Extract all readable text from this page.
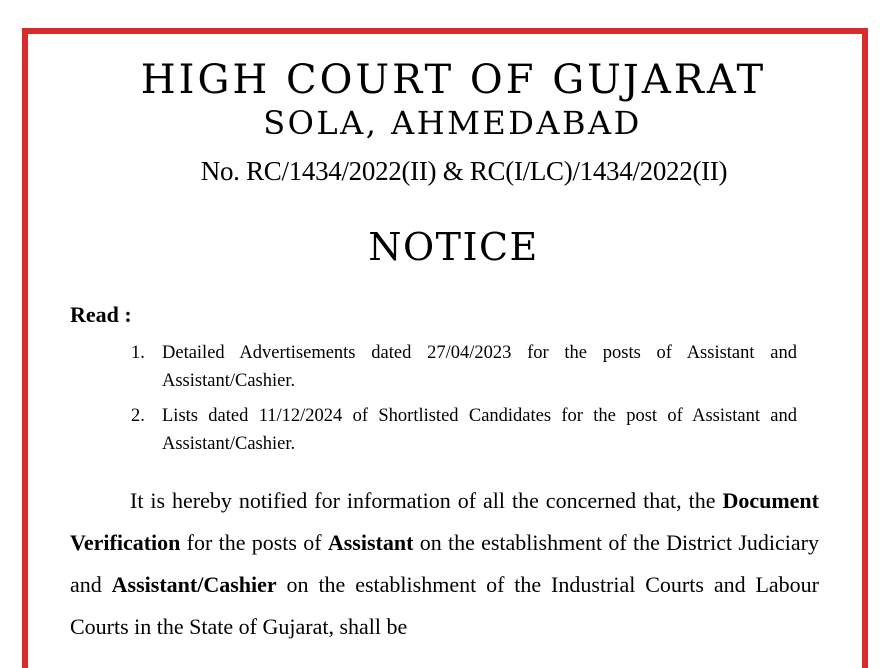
HIGH COURT OF GUJARAT
SOLA, AHMEDABAD
No. RC/1434/2022(II) & RC(I/LC)/1434/2022(II)
NOTICE
Read :
1. Detailed Advertisements dated 27/04/2023 for the posts of Assistant and Assistant/Cashier.
2. Lists dated 11/12/2024 of Shortlisted Candidates for the post of Assistant and Assistant/Cashier.

It is hereby notified for information of all the concerned that, the Document Verification for the posts of Assistant on the establishment of the District Judiciary and Assistant/Cashier on the establishment of the Industrial Courts and Labour Courts in the State of Gujarat, shall be
